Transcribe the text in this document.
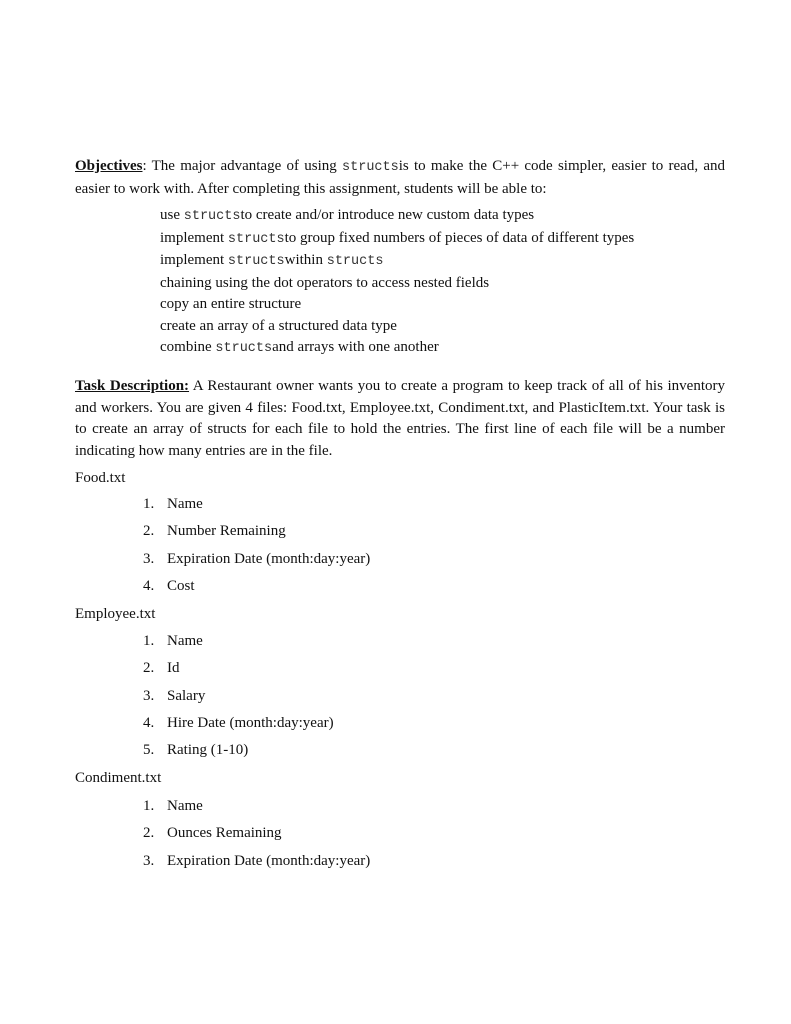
Objectives: The major advantage of using structsis to make the C++ code simpler, easier to read, and easier to work with. After completing this assignment, students will be able to:

use structsto create and/or introduce new custom data types
implement structsto group fixed numbers of pieces of data of different types
implement structswithin structs
chaining using the dot operators to access nested fields
copy an entire structure
create an array of a structured data type
combine structsand arrays with one another

Task Description: A Restaurant owner wants you to create a program to keep track of all of his inventory and workers. You are given 4 files: Food.txt, Employee.txt, Condiment.txt, and PlasticItem.txt. Your task is to create an array of structs for each file to hold the entries. The first line of each file will be a number indicating how many entries are in the file.

Food.txt

1. Name
2. Number Remaining
3. Expiration Date (month:day:year)
4. Cost

Employee.txt

1. Name
2. Id
3. Salary
4. Hire Date (month:day:year)
5. Rating (1-10)

Condiment.txt

1. Name
2. Ounces Remaining
3. Expiration Date (month:day:year)
